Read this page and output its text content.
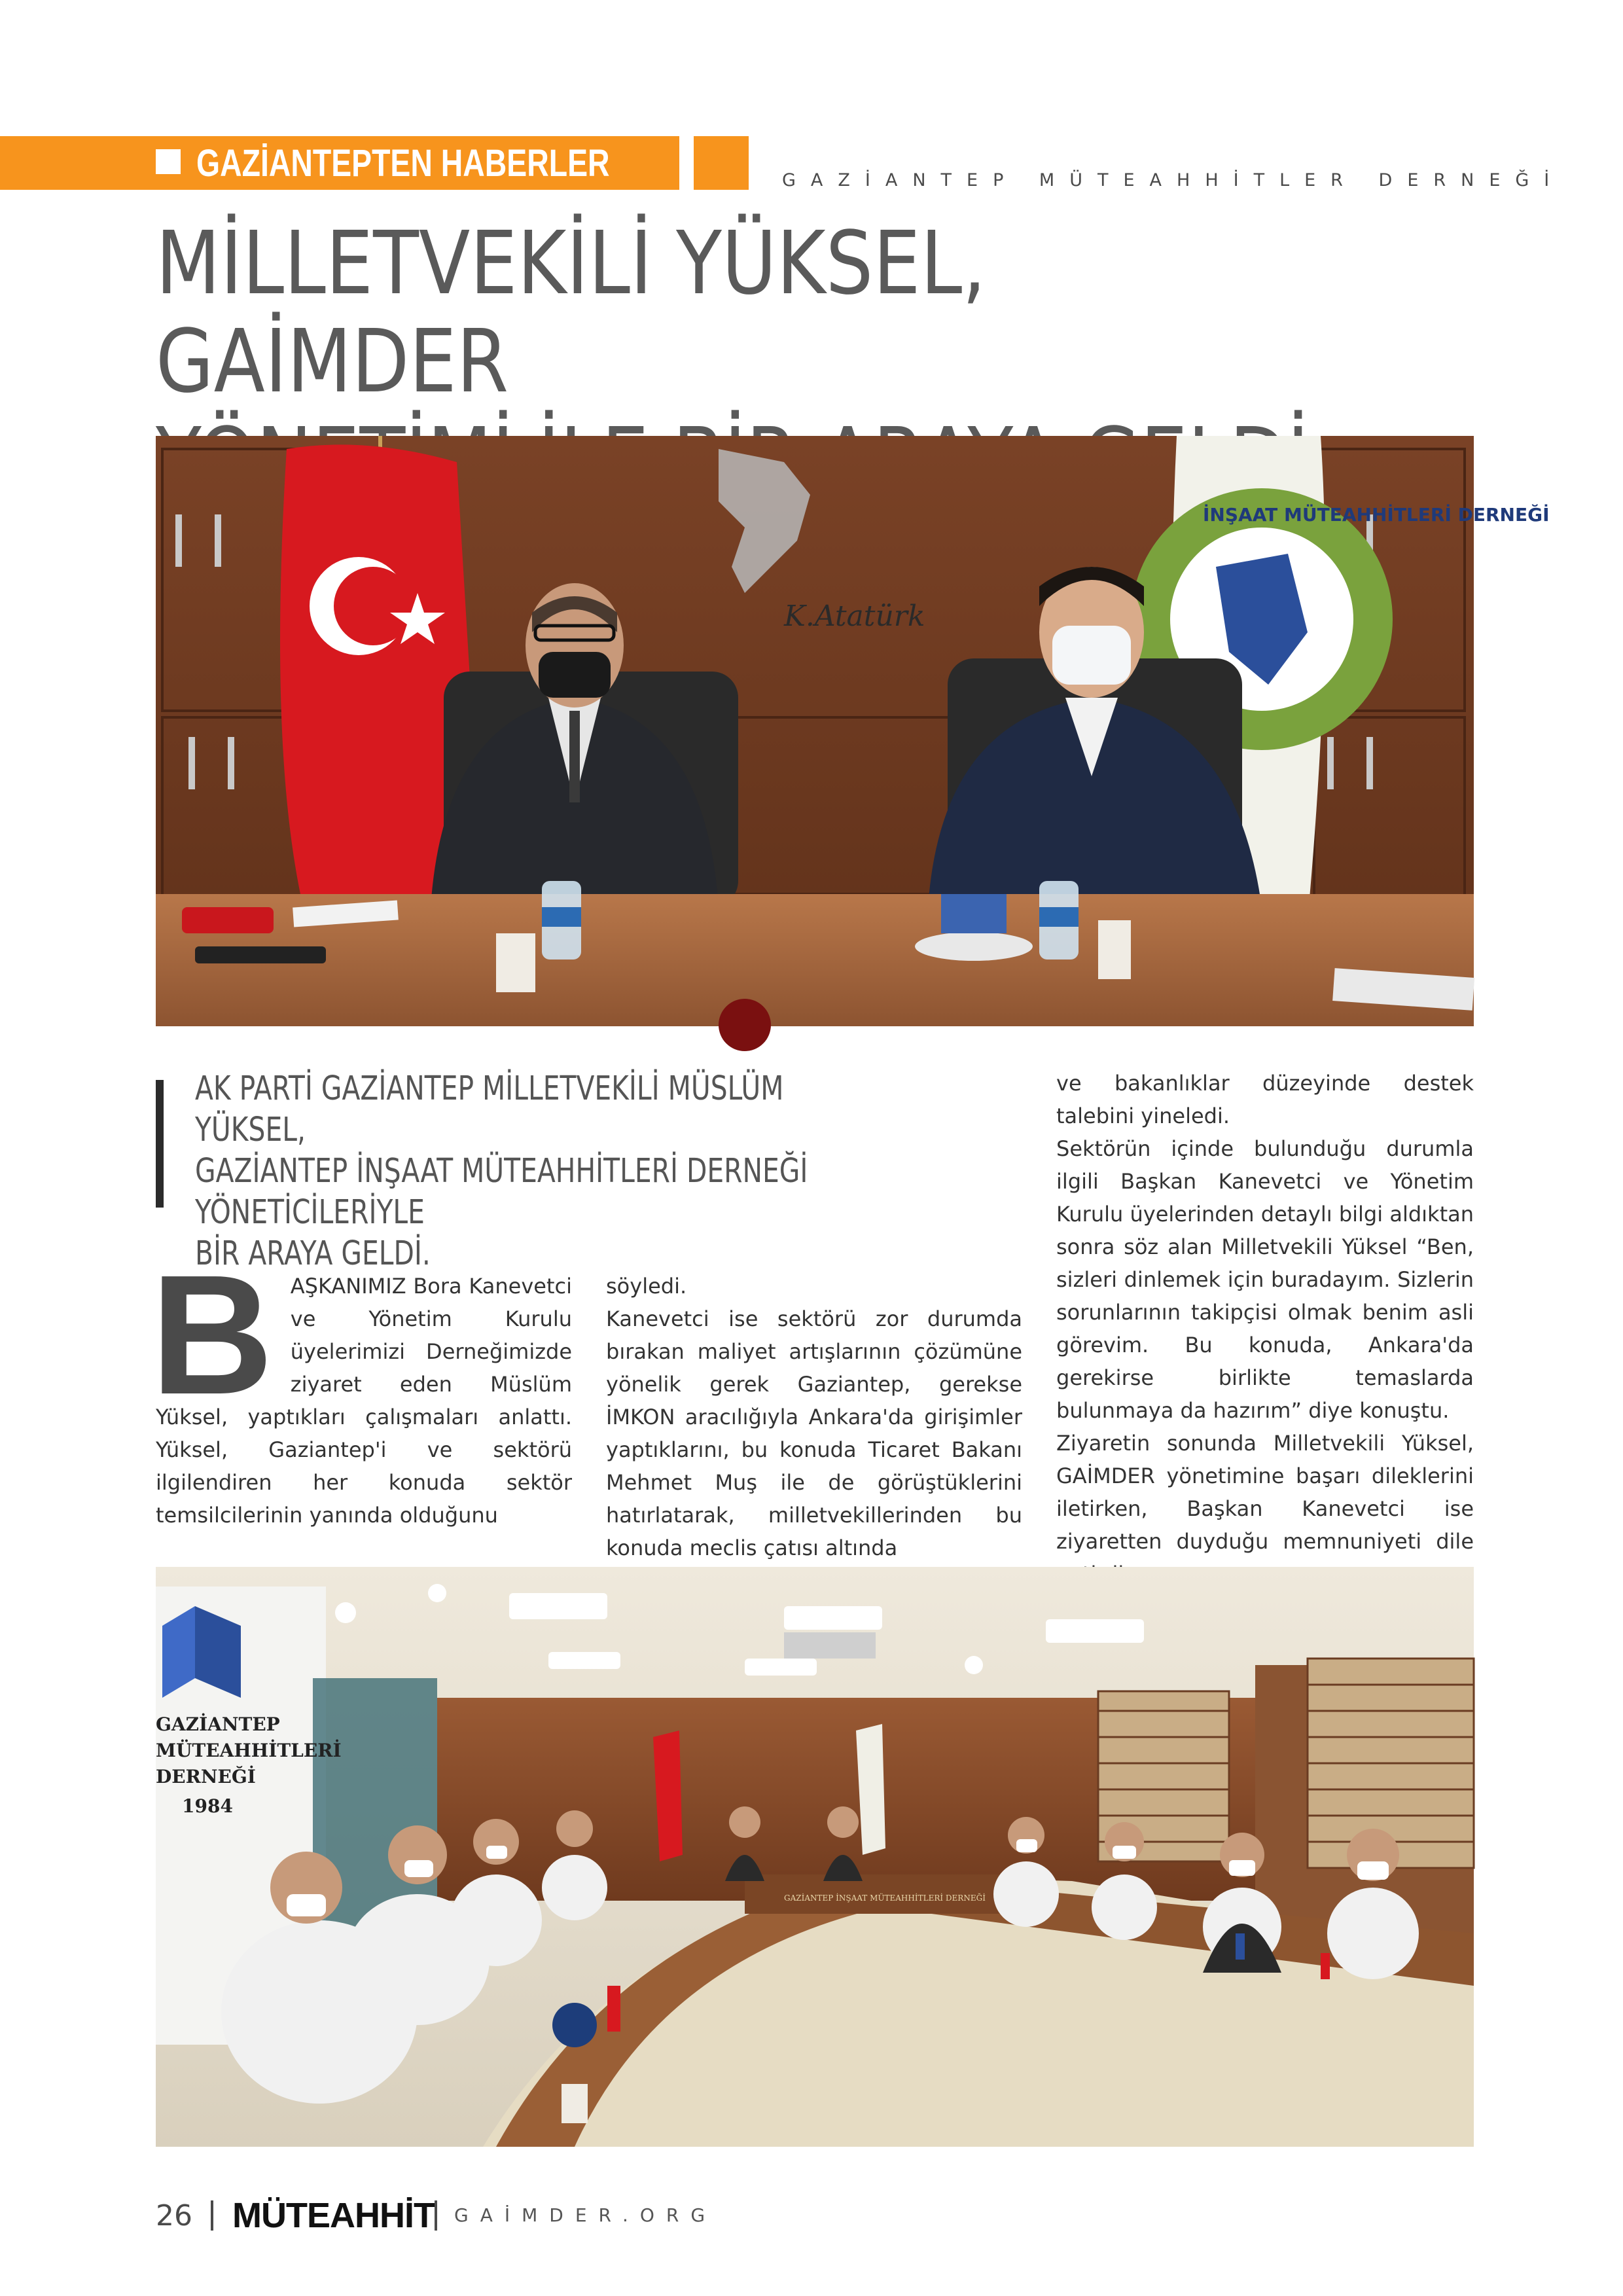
GAZİANTEPTEN HABERLER	GAZİANTEP MÜTEAHHİTLER DERNEĞİ
MİLLETVEKİLİ YÜKSEL, GAİMDER

K.Atatürk
İNŞAAT MÜTEAHHİTLERİ DERNEĞİ
AK PARTİ GAZİANTEP MİLLETVEKİLİ MÜSLÜM YÜKSEL,
GAZİANTEP İNŞAAT MÜTEAHHİTLERİ DERNEĞİ YÖNETİCİLERİYLE
BİR ARAYA GELDİ.
BAŞKANIMIZ Bora Kanevetci ve Yönetim Kurulu üyelerimizi Derneğimizde ziyaret eden Müslüm Yüksel, yaptıkları çalışmaları anlattı. Yüksel, Gaziantep'i ve sektörü ilgilendiren her konuda sektör temsilcilerinin yanında olduğunu
söyledi.
Kanevetci ise sektörü zor durumda bırakan maliyet artışlarının çözümüne yönelik gerek Gaziantep, gerekse İMKON aracılığıyla Ankara'da girişimler yaptıklarını, bu konuda Ticaret Bakanı Mehmet Muş ile de görüştüklerini hatırlatarak, milletvekillerinden bu konuda meclis çatısı altında
ve bakanlıklar düzeyinde destek talebini yineledi.
Sektörün içinde bulunduğu durumla ilgili Başkan Kanevetci ve Yönetim Kurulu üyelerinden detaylı bilgi aldıktan sonra söz alan Milletvekili Yüksel “Ben, sizleri dinlemek için buradayım. Sizlerin sorunlarının takipçisi olmak benim asli görevim. Bu konuda, Ankara'da gerekirse birlikte temaslarda bulunmaya da hazırım” diye konuştu.
Ziyaretin sonunda Milletvekili Yüksel, GAİMDER yönetimine başarı dileklerini iletirken, Başkan Kanevetci ise ziyaretten duyduğu memnuniyeti dile
GAZİANTEP
MÜTEAHHİTLERİ
DERNEĞİ
1984
GAZİANTEP İNŞAAT MÜTEAHHİTLERİ DERNEĞİ
26 MÜTEAHHİT GAİMDER.ORG
